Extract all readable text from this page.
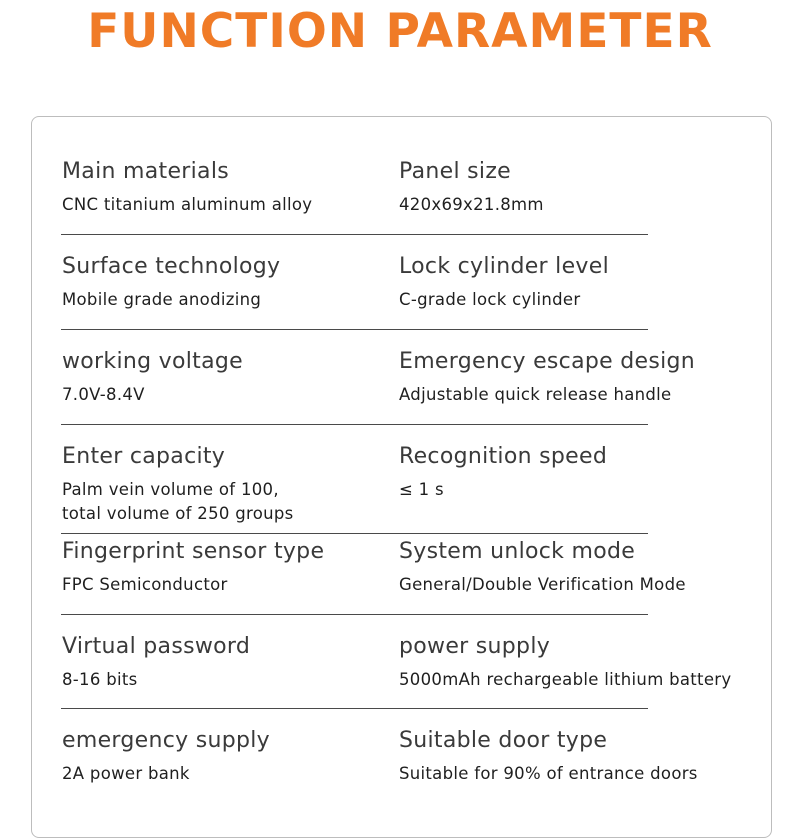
FUNCTION PARAMETER
Main materials
CNC titanium aluminum alloy
Panel size
420x69x21.8mm
Surface technology
Mobile grade anodizing
Lock cylinder level
C-grade lock cylinder
working voltage
7.0V-8.4V
Emergency escape design
Adjustable quick release handle
Enter capacity
Palm vein volume of 100,
total volume of 250 groups
Recognition speed
≤ 1 s
Fingerprint sensor type
FPC Semiconductor
System unlock mode
General/Double Verification Mode
Virtual password
8-16 bits
power supply
5000mAh rechargeable lithium battery
emergency supply
2A power bank
Suitable door type
Suitable for 90% of entrance doors
